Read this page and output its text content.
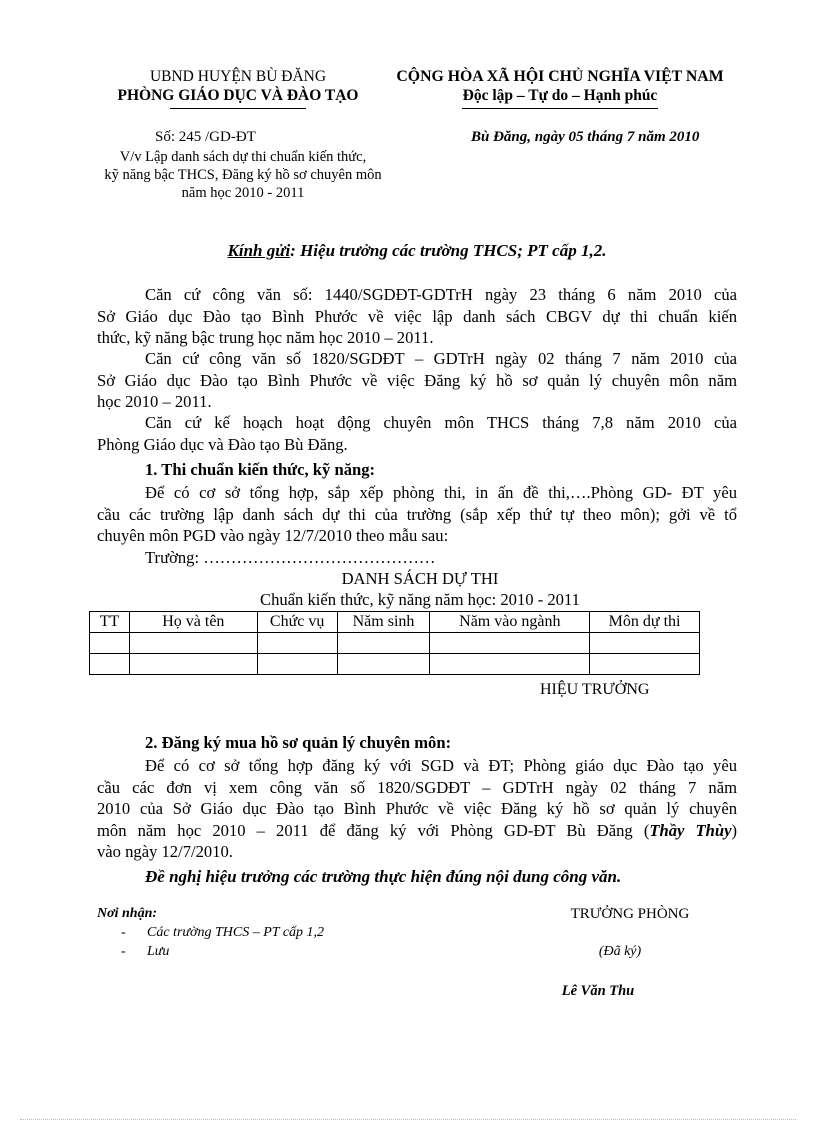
UBND HUYỆN BÙ ĐĂNG
PHÒNG GIÁO DỤC VÀ ĐÀO TẠO
CỘNG HÒA XÃ HỘI CHỦ NGHĨA VIỆT NAM
Độc lập – Tự do – Hạnh phúc
Số: 245 /GD-ĐT	Bù Đăng, ngày 05 tháng 7 năm 2010
V/v Lập danh sách dự thi chuẩn kiến thức,
kỹ năng bậc THCS, Đăng ký hồ sơ chuyên môn
năm học 2010 - 2011
Kính gửi: Hiệu trưởng các trường THCS; PT cấp 1,2.
Căn cứ công văn số: 1440/SGDĐT-GDTrH ngày 23 tháng 6 năm 2010 của
Sở Giáo dục Đào tạo Bình Phước về việc lập danh sách CBGV dự thi chuẩn kiến
thức, kỹ năng bậc trung học năm học 2010 – 2011.
Căn cứ công văn số 1820/SGDĐT – GDTrH ngày 02 tháng 7 năm 2010 của
Sở Giáo dục Đào tạo Bình Phước về việc Đăng ký hồ sơ quản lý chuyên môn năm
học 2010 – 2011.
Căn cứ kế hoạch hoạt động chuyên môn THCS tháng 7,8 năm 2010 của
Phòng Giáo dục và Đào tạo Bù Đăng.
1. Thi chuẩn kiến thức, kỹ năng:
Để có cơ sở tổng hợp, sắp xếp phòng thi, in ấn đề thi,….Phòng GD- ĐT yêu
cầu các trường lập danh sách dự thi của trường (sắp xếp thứ tự theo môn); gởi về tổ
chuyên môn PGD vào ngày 12/7/2010 theo mẫu sau:
Trường: ……………………………………
DANH SÁCH DỰ THI
Chuẩn kiến thức, kỹ năng năm học: 2010 - 2011
TT	Họ và tên	Chức vụ	Năm sinh	Năm vào ngành	Môn dự thi

HIỆU TRƯỞNG
2. Đăng ký mua hồ sơ quản lý chuyên môn:
Để có cơ sở tổng hợp đăng ký với SGD và ĐT; Phòng giáo dục Đào tạo yêu
cầu các đơn vị xem công văn số 1820/SGDĐT – GDTrH ngày 02 tháng 7 năm
2010 của Sở Giáo dục Đào tạo Bình Phước về việc Đăng ký hồ sơ quản lý chuyên
môn năm học 2010 – 2011 để đăng ký với Phòng GD-ĐT Bù Đăng (Thầy Thùy)
vào ngày 12/7/2010.
Đề nghị hiệu trưởng các trường thực hiện đúng nội dung công văn.
Nơi nhận:
- Các trường THCS – PT cấp 1,2
- Lưu
TRƯỞNG PHÒNG
(Đã ký)
Lê Văn Thu
